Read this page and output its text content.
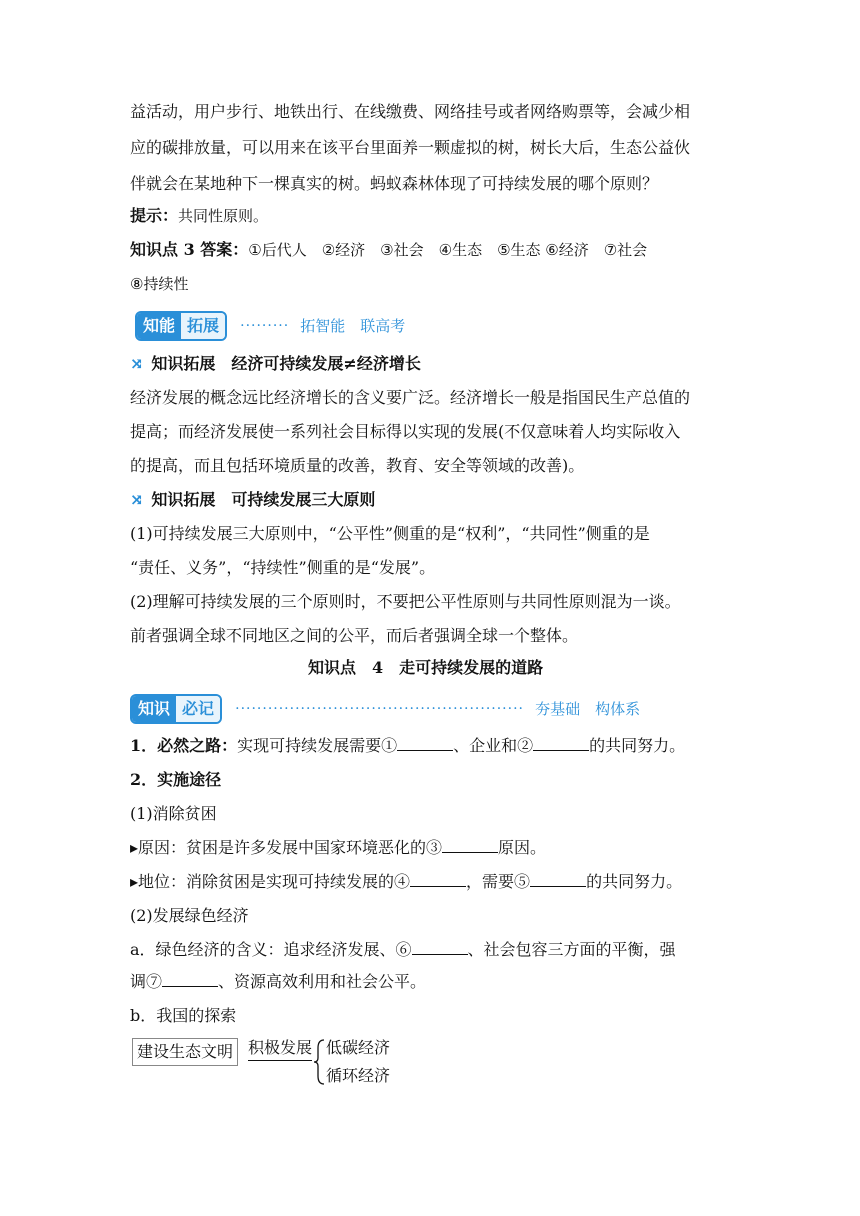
益活动，用户步行、地铁出行、在线缴费、网络挂号或者网络购票等，会减少相
应的碳排放量，可以用来在该平台里面养一颗虚拟的树，树长大后，生态公益伙
伴就会在某地种下一棵真实的树。蚂蚁森林体现了可持续发展的哪个原则？
提示：共同性原则。
知识点 3 答案：①后代人　②经济　③社会　④生态　⑤生态 ⑥经济　⑦社会
⑧持续性
知能 拓展	········· 拓智能　联高考
⤨ 知识拓展　经济可持续发展≠经济增长
经济发展的概念远比经济增长的含义要广泛。经济增长一般是指国民生产总值的
提高；而经济发展使一系列社会目标得以实现的发展(不仅意味着人均实际收入
的提高，而且包括环境质量的改善，教育、安全等领域的改善)。
⤨ 知识拓展　可持续发展三大原则
(1)可持续发展三大原则中，“公平性”侧重的是“权利”，“共同性”侧重的是
“责任、义务”，“持续性”侧重的是“发展”。
(2)理解可持续发展的三个原则时，不要把公平性原则与共同性原则混为一谈。
前者强调全球不同地区之间的公平，而后者强调全球一个整体。
知识点　4　走可持续发展的道路
知识 必记	····················································· 夯基础　构体系
1．必然之路：实现可持续发展需要①	、企业和②	的共同努力。
2．实施途径
(1)消除贫困
▸原因：贫困是许多发展中国家环境恶化的③	原因。
▸地位：消除贫困是实现可持续发展的④	，需要⑤	的共同努力。
(2)发展绿色经济
a．绿色经济的含义：追求经济发展、⑥	、社会包容三方面的平衡，强
调⑦	、资源高效利用和社会公平。
b．我国的探索
建设生态文明 积极发展 低碳经济
循环经济
